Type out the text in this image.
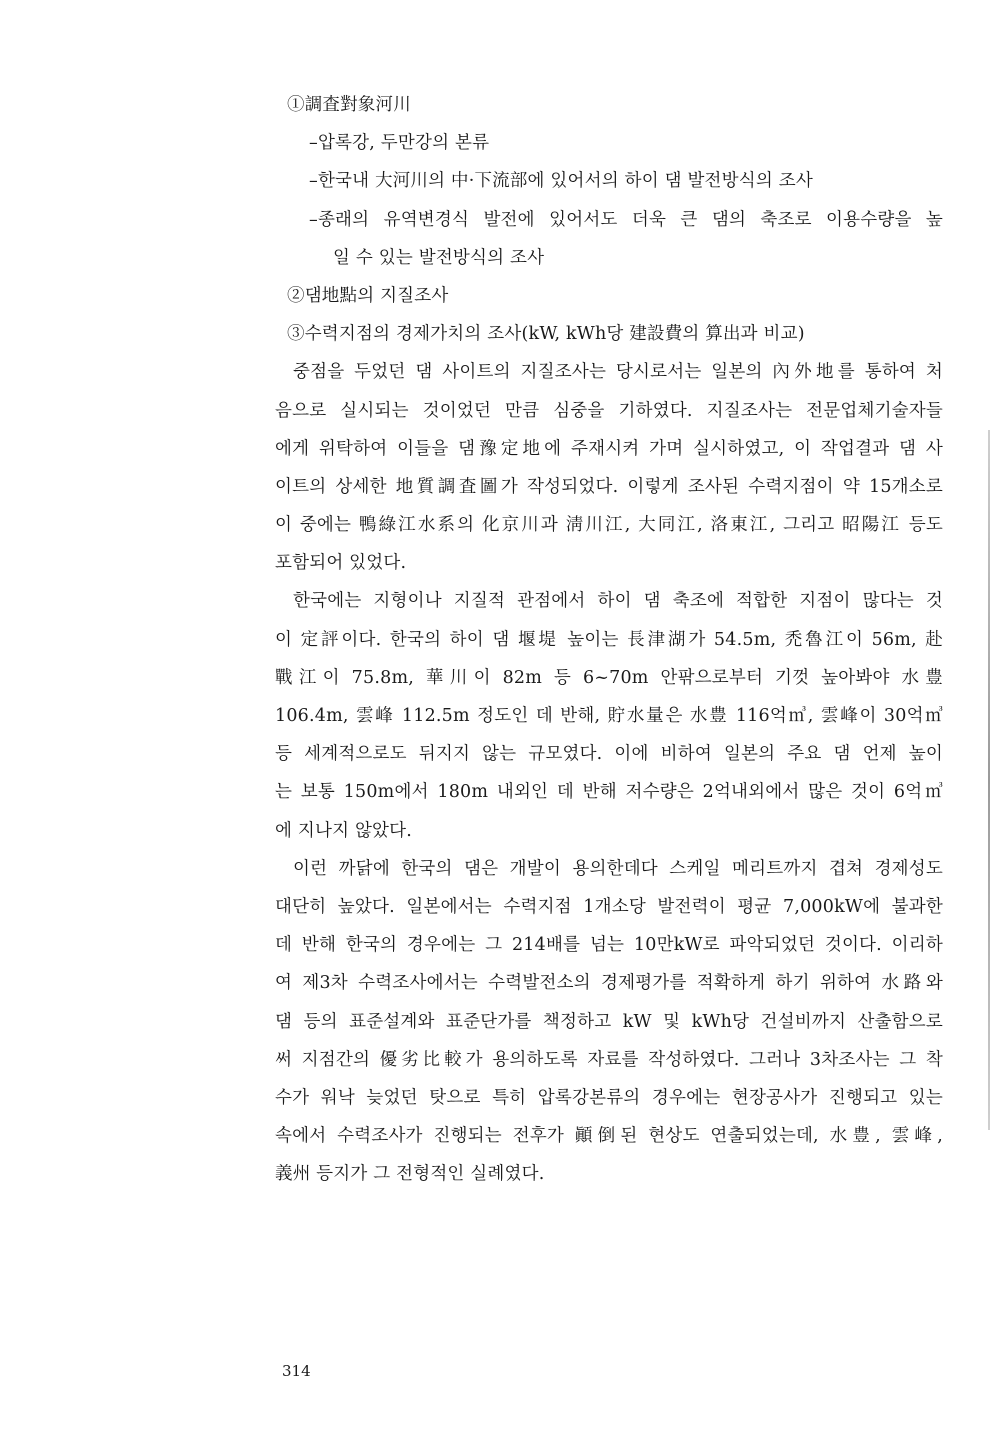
①調査對象河川
–압록강, 두만강의 본류
–한국내 大河川의 中·下流部에 있어서의 하이 댐 발전방식의 조사
–종래의 유역변경식 발전에 있어서도 더욱 큰 댐의 축조로 이용수량을 높
일 수 있는 발전방식의 조사
②댐地點의 지질조사
③수력지점의 경제가치의 조사(kW, kWh당 建設費의 算出과 비교)
중점을 두었던 댐 사이트의 지질조사는 당시로서는 일본의 內外地를 통하여 처
음으로 실시되는 것이었던 만큼 심중을 기하였다. 지질조사는 전문업체기술자들
에게 위탁하여 이들을 댐豫定地에 주재시켜 가며 실시하였고, 이 작업결과 댐 사
이트의 상세한 地質調査圖가 작성되었다. 이렇게 조사된 수력지점이 약 15개소로
이 중에는 鴨綠江水系의 化京川과 淸川江, 大同江, 洛東江, 그리고 昭陽江 등도
포함되어 있었다.
한국에는 지형이나 지질적 관점에서 하이 댐 축조에 적합한 지점이 많다는 것
이 定評이다. 한국의 하이 댐 堰堤 높이는 長津湖가 54.5m, 禿魯江이 56m, 赴
戰江이 75.8m, 華川이 82m 등 6~70m 안팎으로부터 기껏 높아봐야 水豊
106.4m, 雲峰 112.5m 정도인 데 반해, 貯水量은 水豊 116억㎥, 雲峰이 30억㎥
등 세계적으로도 뒤지지 않는 규모였다. 이에 비하여 일본의 주요 댐 언제 높이
는 보통 150m에서 180m 내외인 데 반해 저수량은 2억내외에서 많은 것이 6억㎥
에 지나지 않았다.
이런 까닭에 한국의 댐은 개발이 용의한데다 스케일 메리트까지 겹쳐 경제성도
대단히 높았다. 일본에서는 수력지점 1개소당 발전력이 평균 7,000kW에 불과한
데 반해 한국의 경우에는 그 214배를 넘는 10만kW로 파악되었던 것이다. 이리하
여 제3차 수력조사에서는 수력발전소의 경제평가를 적확하게 하기 위하여 水路와
댐 등의 표준설계와 표준단가를 책정하고 kW 및 kWh당 건설비까지 산출함으로
써 지점간의 優劣比較가 용의하도록 자료를 작성하였다. 그러나 3차조사는 그 착
수가 워낙 늦었던 탓으로 특히 압록강본류의 경우에는 현장공사가 진행되고 있는
속에서 수력조사가 진행되는 전후가 顚倒된 현상도 연출되었는데, 水豊, 雲峰,
義州 등지가 그 전형적인 실례였다.
314
